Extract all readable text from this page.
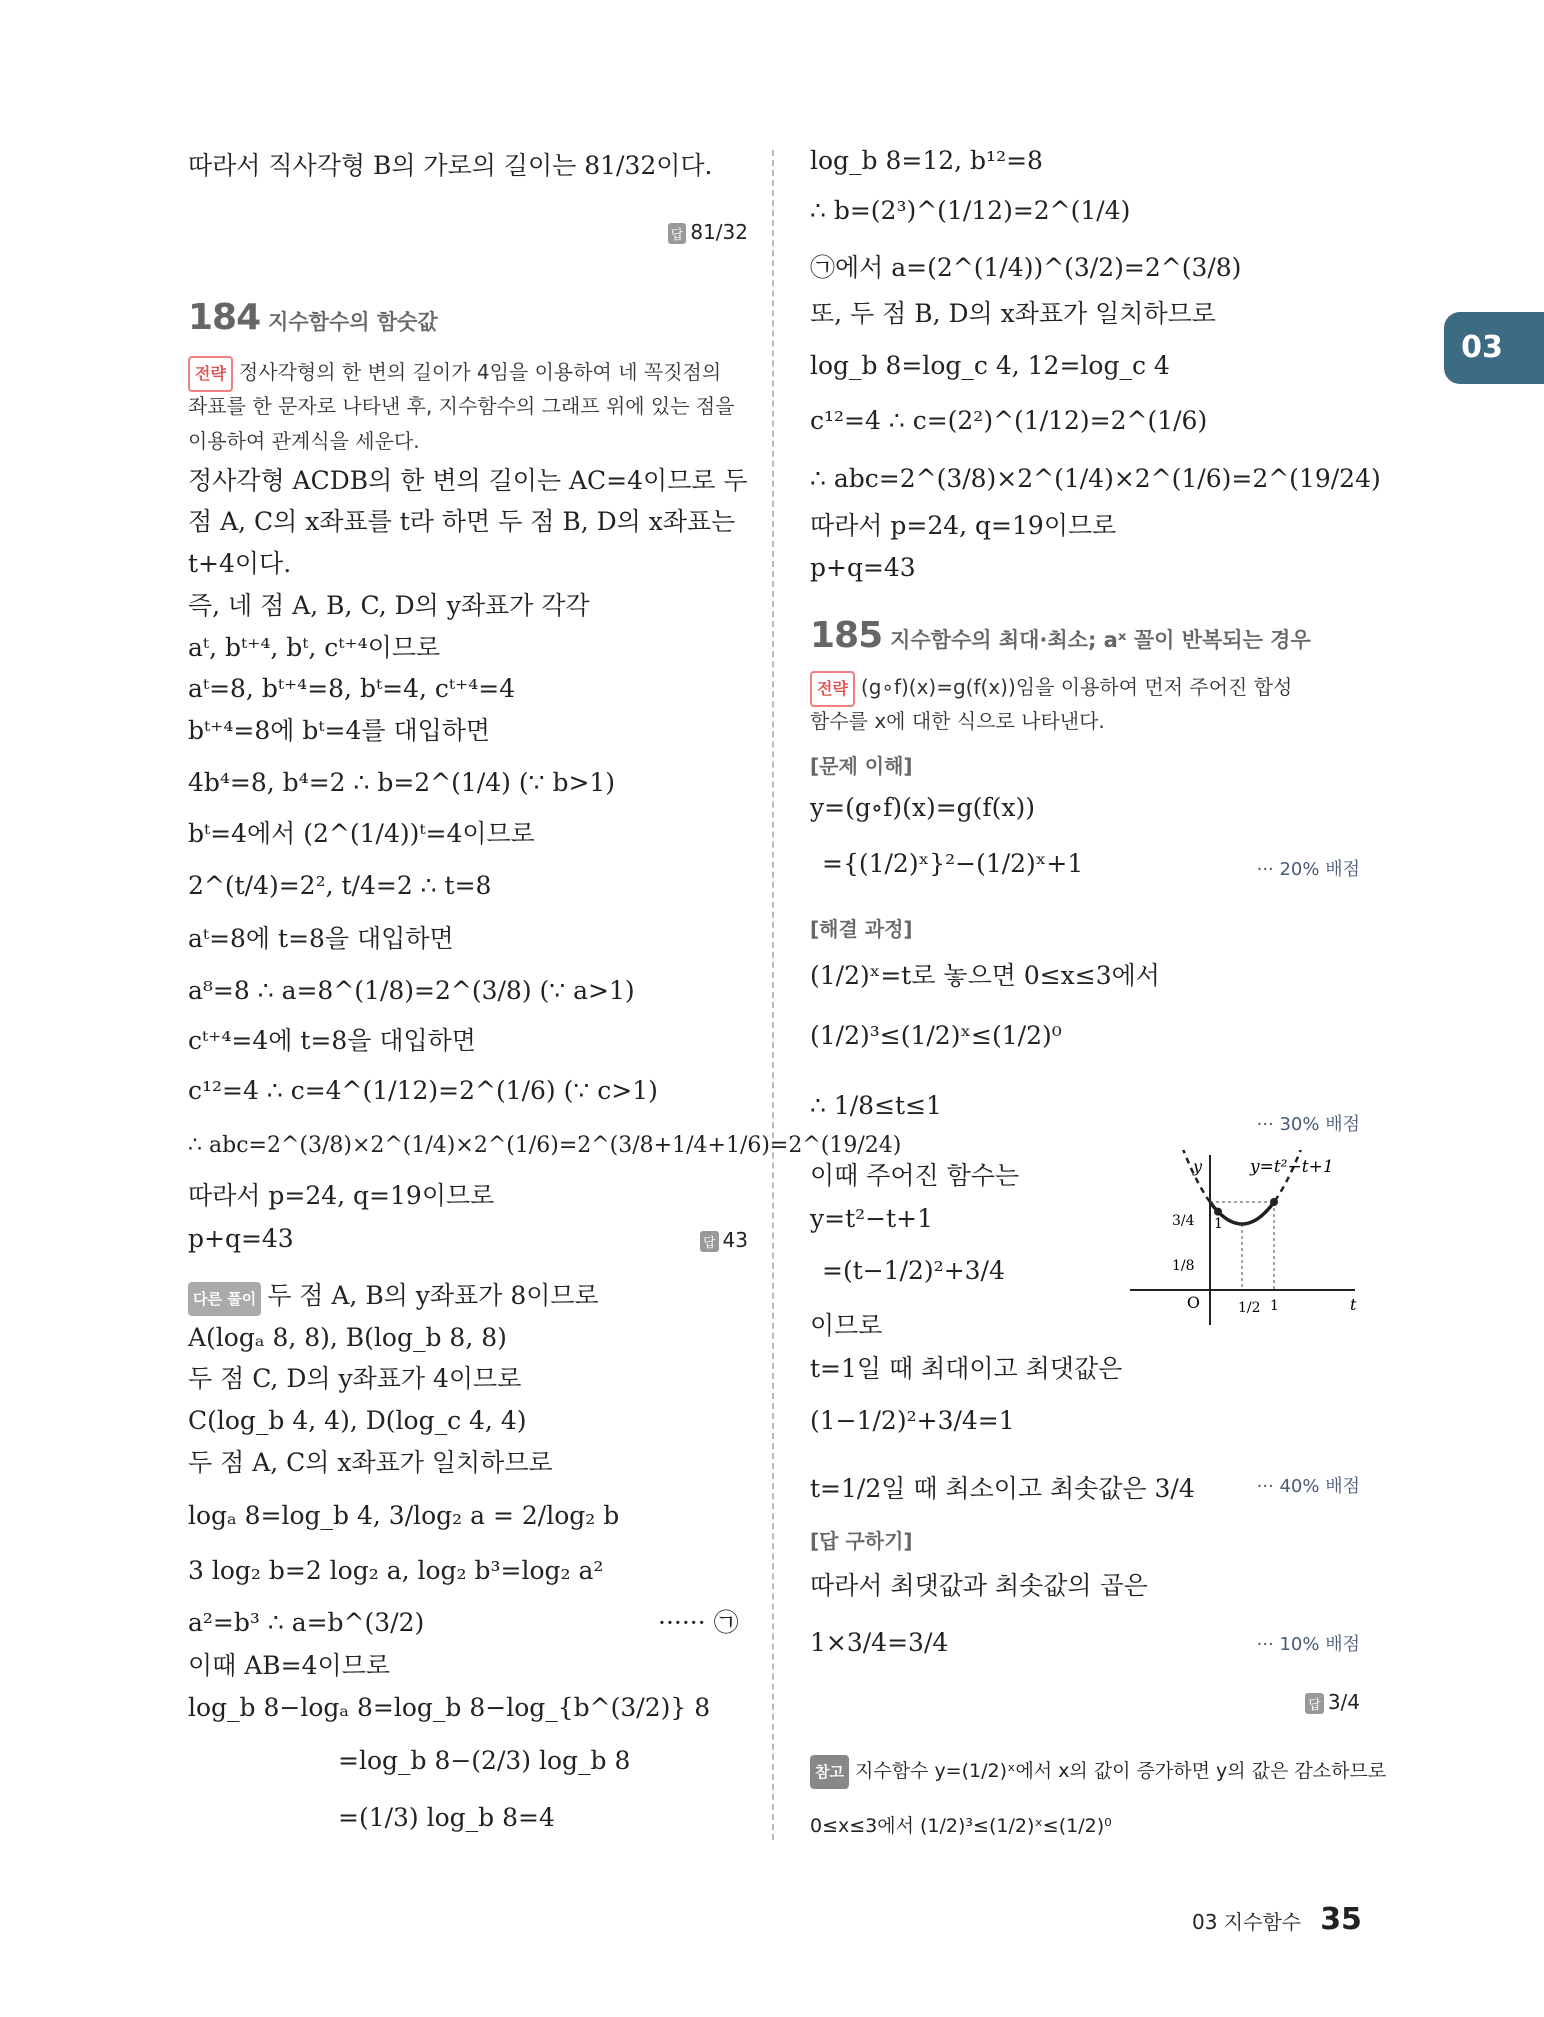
따라서 직사각형 B의 가로의 길이는 81/32이다.
답 81/32
184 지수함수의 함숫값
전략 정사각형의 한 변의 길이가 4임을 이용하여 네 꼭짓점의
좌표를 한 문자로 나타낸 후, 지수함수의 그래프 위에 있는 점을
이용하여 관계식을 세운다.
정사각형 ACDB의 한 변의 길이는 AC=4이므로 두
점 A, C의 x좌표를 t라 하면 두 점 B, D의 x좌표는
t+4이다.
즉, 네 점 A, B, C, D의 y좌표가 각각
aᵗ, bᵗ⁺⁴, bᵗ, cᵗ⁺⁴이므로
aᵗ=8, bᵗ⁺⁴=8, bᵗ=4, cᵗ⁺⁴=4
bᵗ⁺⁴=8에 bᵗ=4를 대입하면
4b⁴=8, b⁴=2 ∴ b=2^(1/4) (∵ b>1)
bᵗ=4에서 (2^(1/4))ᵗ=4이므로
2^(t/4)=2², t/4=2 ∴ t=8
aᵗ=8에 t=8을 대입하면
a⁸=8 ∴ a=8^(1/8)=2^(3/8) (∵ a>1)
cᵗ⁺⁴=4에 t=8을 대입하면
c¹²=4 ∴ c=4^(1/12)=2^(1/6) (∵ c>1)
∴ abc=2^(3/8)×2^(1/4)×2^(1/6)=2^(3/8+1/4+1/6)=2^(19/24)
따라서 p=24, q=19이므로
p+q=43	답 43
다른 풀이 두 점 A, B의 y좌표가 8이므로
A(logₐ 8, 8), B(log_b 8, 8)
두 점 C, D의 y좌표가 4이므로
C(log_b 4, 4), D(log_c 4, 4)
두 점 A, C의 x좌표가 일치하므로
logₐ 8=log_b 4, 3/log₂ a = 2/log₂ b
3 log₂ b=2 log₂ a, log₂ b³=log₂ a²
a²=b³ ∴ a=b^(3/2)	······ ㉠
이때 AB=4이므로
log_b 8−logₐ 8=log_b 8−log_{b^(3/2)} 8
=log_b 8−(2/3) log_b 8
=(1/3) log_b 8=4
log_b 8=12, b¹²=8
∴ b=(2³)^(1/12)=2^(1/4)
㉠에서 a=(2^(1/4))^(3/2)=2^(3/8)
또, 두 점 B, D의 x좌표가 일치하므로
log_b 8=log_c 4, 12=log_c 4
c¹²=4 ∴ c=(2²)^(1/12)=2^(1/6)
∴ abc=2^(3/8)×2^(1/4)×2^(1/6)=2^(19/24)
따라서 p=24, q=19이므로
p+q=43
185 지수함수의 최대·최소; aˣ 꼴이 반복되는 경우
전략 (g∘f)(x)=g(f(x))임을 이용하여 먼저 주어진 합성
함수를 x에 대한 식으로 나타낸다.
[문제 이해]
y=(g∘f)(x)=g(f(x))
={(1/2)ˣ}²−(1/2)ˣ+1	··· 20% 배점
[해결 과정]
(1/2)ˣ=t로 놓으면 0≤x≤3에서
(1/2)³≤(1/2)ˣ≤(1/2)⁰
∴ 1/8≤t≤1
··· 30% 배점
이때 주어진 함수는
y=t²−t+1
=(t−1/2)²+3/4
이므로
t=1일 때 최대이고 최댓값은
(1−1/2)²+3/4=1
t=1/2일 때 최소이고 최솟값은 3/4	··· 40% 배점
y
t
O
y=t²−t+1
3/4
1/8
1
1/2 1
[답 구하기]
따라서 최댓값과 최솟값의 곱은
1×3/4=3/4	··· 10% 배점
답 3/4
참고 지수함수 y=(1/2)ˣ에서 x의 값이 증가하면 y의 값은 감소하므로
0≤x≤3에서 (1/2)³≤(1/2)ˣ≤(1/2)⁰
03
03 지수함수 35
